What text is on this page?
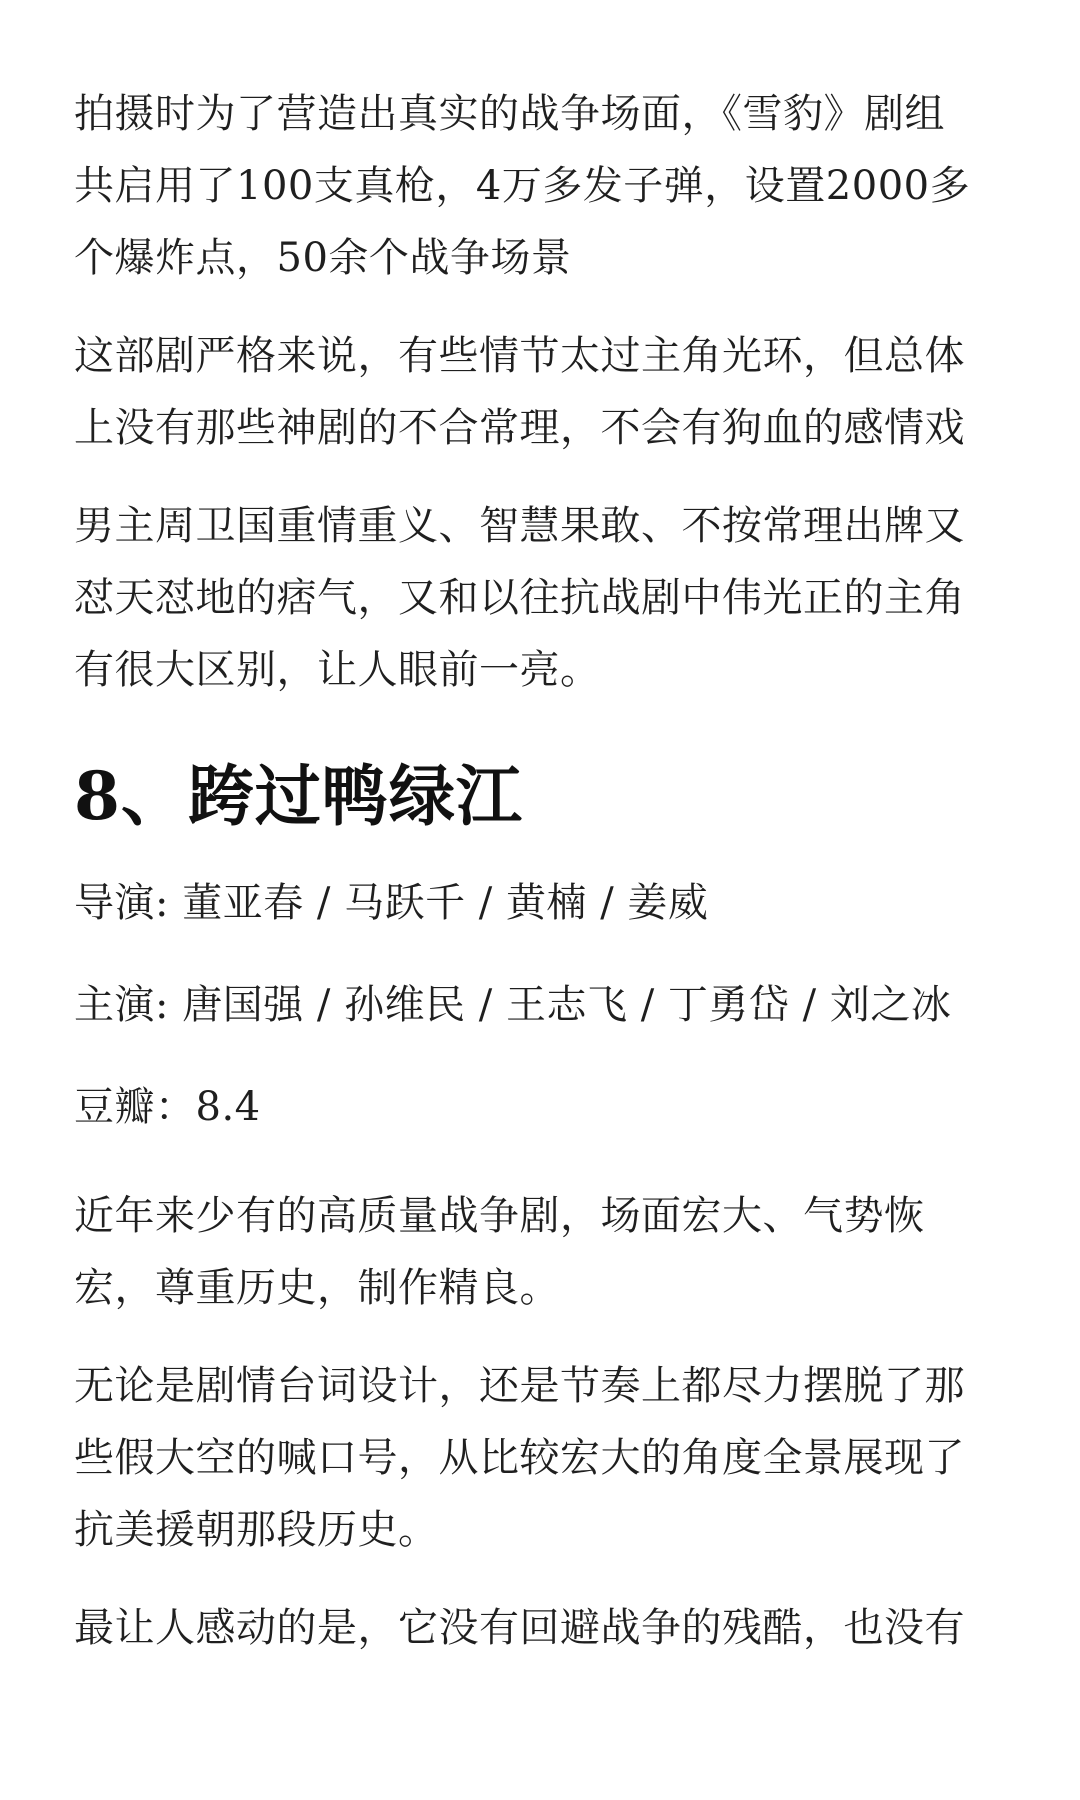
拍摄时为了营造出真实的战争场面，《雪豹》剧组
共启用了100支真枪，4万多发子弹，设置2000多
个爆炸点，50余个战争场景

这部剧严格来说，有些情节太过主角光环，但总体
上没有那些神剧的不合常理，不会有狗血的感情戏

男主周卫国重情重义、智慧果敢、不按常理出牌又
怼天怼地的痞气，又和以往抗战剧中伟光正的主角
有很大区别，让人眼前一亮。

8、跨过鸭绿江

导演: 董亚春 / 马跃千 / 黄楠 / 姜威

主演: 唐国强 / 孙维民 / 王志飞 / 丁勇岱 / 刘之冰

豆瓣：8.4

近年来少有的高质量战争剧，场面宏大、气势恢
宏，尊重历史，制作精良。

无论是剧情台词设计，还是节奏上都尽力摆脱了那
些假大空的喊口号，从比较宏大的角度全景展现了
抗美援朝那段历史。

最让人感动的是，它没有回避战争的残酷，也没有
